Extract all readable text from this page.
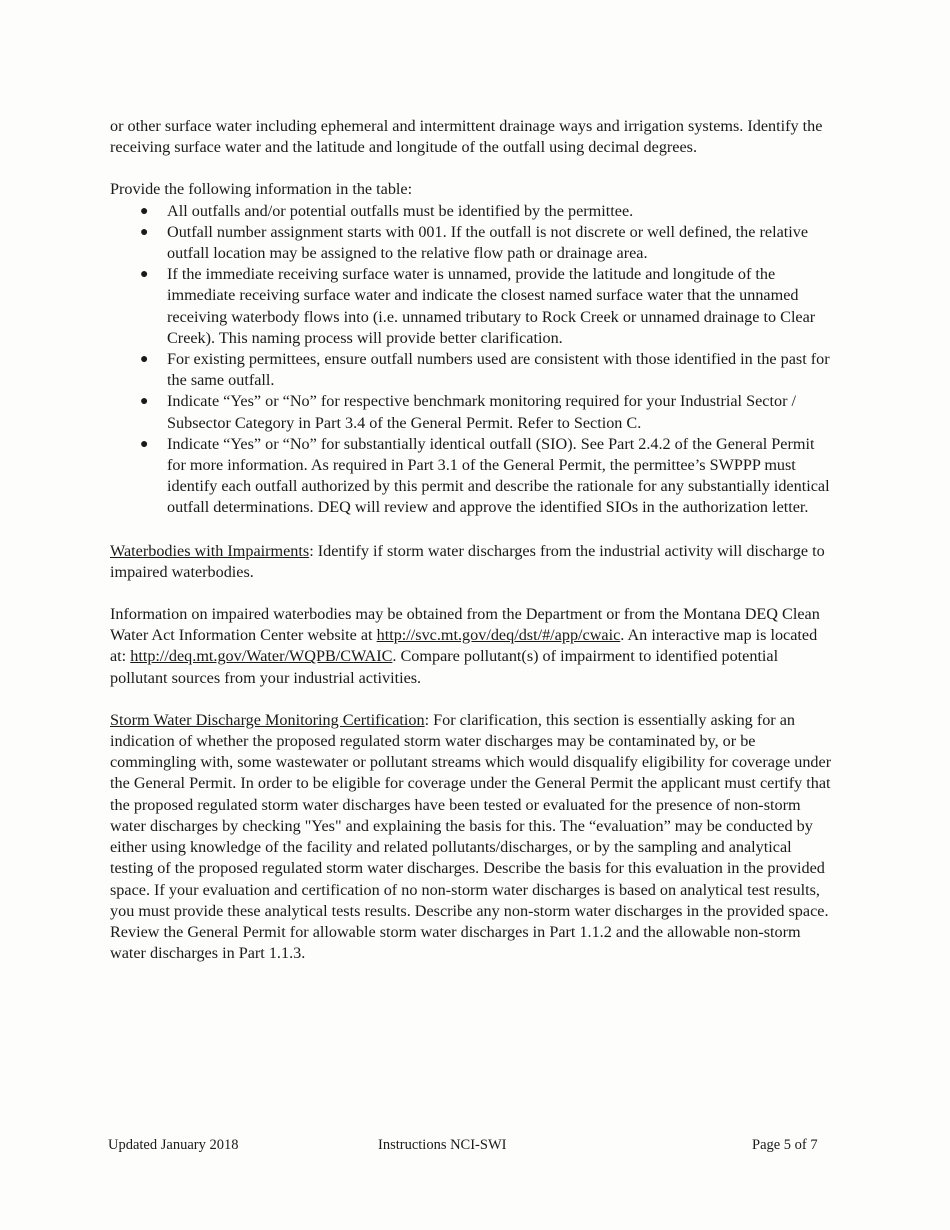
or other surface water including ephemeral and intermittent drainage ways and irrigation systems. Identify the receiving surface water and the latitude and longitude of the outfall using decimal degrees.

Provide the following information in the table:

● All outfalls and/or potential outfalls must be identified by the permittee.
● Outfall number assignment starts with 001. If the outfall is not discrete or well defined, the relative outfall location may be assigned to the relative flow path or drainage area.
● If the immediate receiving surface water is unnamed, provide the latitude and longitude of the immediate receiving surface water and indicate the closest named surface water that the unnamed receiving waterbody flows into (i.e. unnamed tributary to Rock Creek or unnamed drainage to Clear Creek). This naming process will provide better clarification.
● For existing permittees, ensure outfall numbers used are consistent with those identified in the past for the same outfall.
● Indicate “Yes” or “No” for respective benchmark monitoring required for your Industrial Sector / Subsector Category in Part 3.4 of the General Permit. Refer to Section C.
● Indicate “Yes” or “No” for substantially identical outfall (SIO). See Part 2.4.2 of the General Permit for more information. As required in Part 3.1 of the General Permit, the permittee’s SWPPP must identify each outfall authorized by this permit and describe the rationale for any substantially identical outfall determinations. DEQ will review and approve the identified SIOs in the authorization letter.

Waterbodies with Impairments: Identify if storm water discharges from the industrial activity will discharge to impaired waterbodies.

Information on impaired waterbodies may be obtained from the Department or from the Montana DEQ Clean Water Act Information Center website at http://svc.mt.gov/deq/dst/#/app/cwaic. An interactive map is located at: http://deq.mt.gov/Water/WQPB/CWAIC. Compare pollutant(s) of impairment to identified potential pollutant sources from your industrial activities.

Storm Water Discharge Monitoring Certification: For clarification, this section is essentially asking for an indication of whether the proposed regulated storm water discharges may be contaminated by, or be commingling with, some wastewater or pollutant streams which would disqualify eligibility for coverage under the General Permit. In order to be eligible for coverage under the General Permit the applicant must certify that the proposed regulated storm water discharges have been tested or evaluated for the presence of non-storm water discharges by checking "Yes" and explaining the basis for this. The “evaluation” may be conducted by either using knowledge of the facility and related pollutants/discharges, or by the sampling and analytical testing of the proposed regulated storm water discharges. Describe the basis for this evaluation in the provided space. If your evaluation and certification of no non-storm water discharges is based on analytical test results, you must provide these analytical tests results. Describe any non-storm water discharges in the provided space. Review the General Permit for allowable storm water discharges in Part 1.1.2 and the allowable non-storm water discharges in Part 1.1.3.

Updated January 2018	Instructions NCI-SWI	Page 5 of 7
